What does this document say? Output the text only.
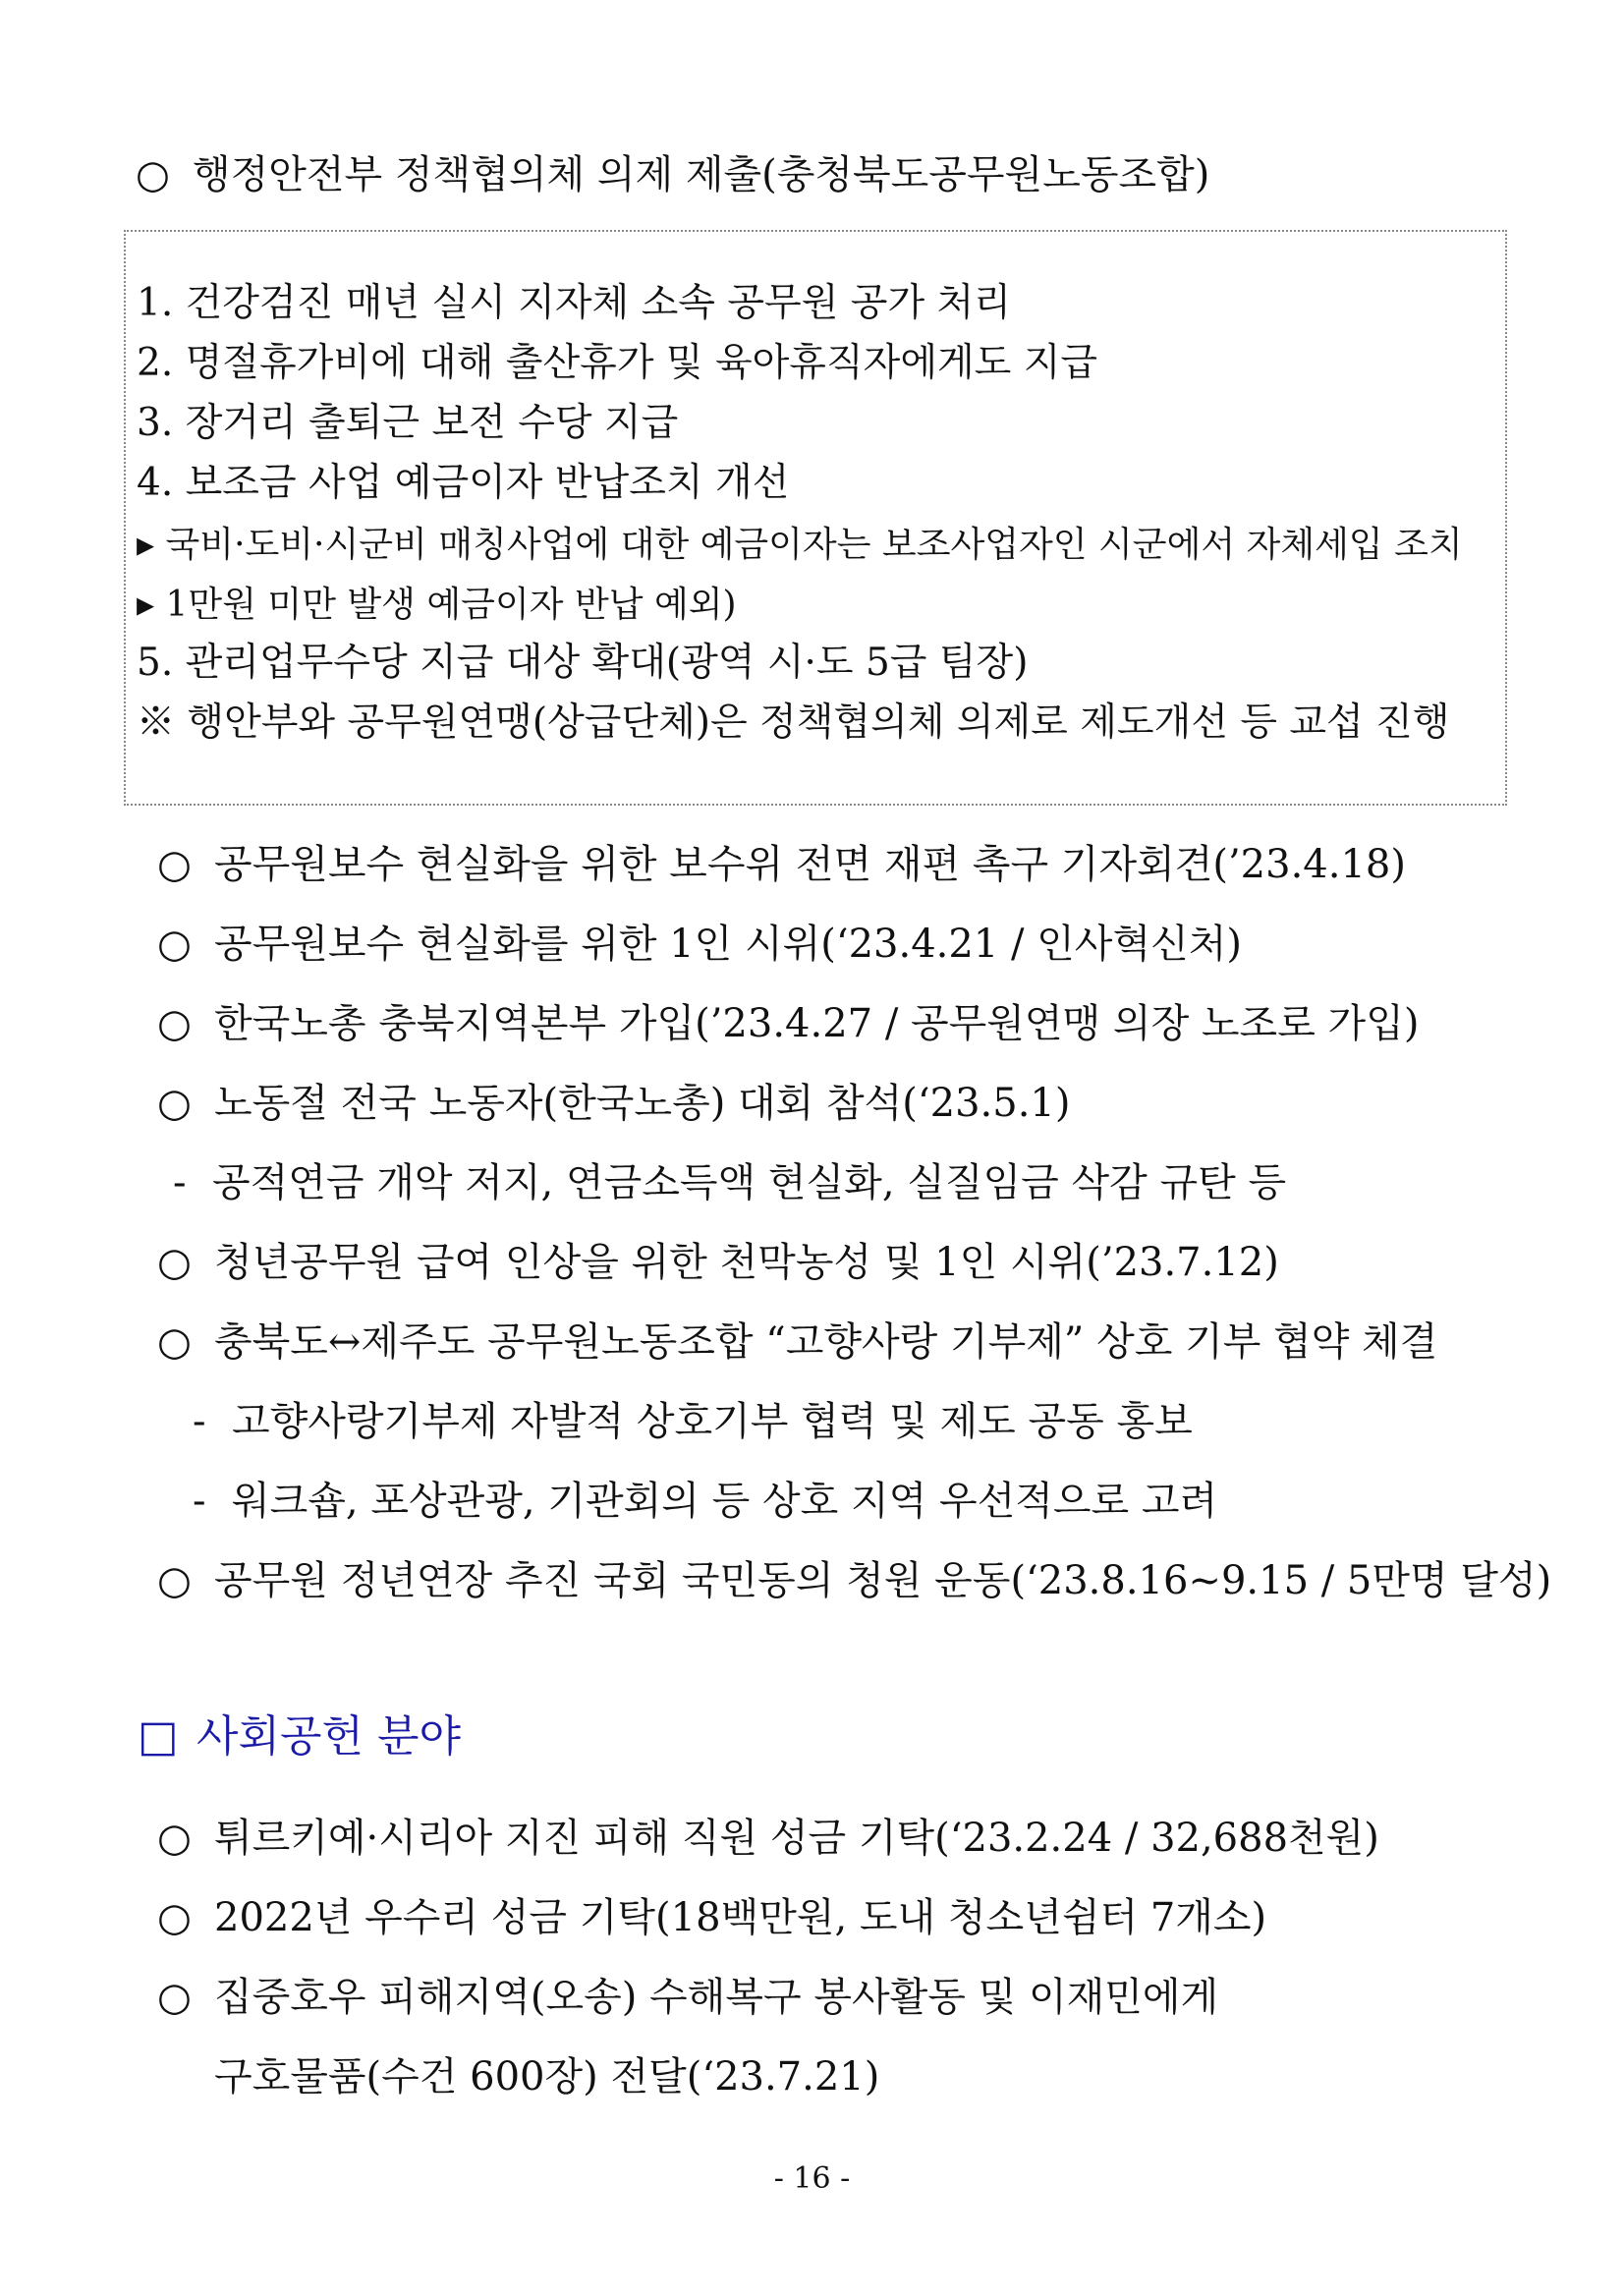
○ 행정안전부 정책협의체 의제 제출(충청북도공무원노동조합)
1. 건강검진 매년 실시 지자체 소속 공무원 공가 처리
2. 명절휴가비에 대해 출산휴가 및 육아휴직자에게도 지급
3. 장거리 출퇴근 보전 수당 지급
4. 보조금 사업 예금이자 반납조치 개선
▸ 국비·도비·시군비 매칭사업에 대한 예금이자는 보조사업자인 시군에서 자체세입 조치
▸ 1만원 미만 발생 예금이자 반납 예외)
5. 관리업무수당 지급 대상 확대(광역 시·도 5급 팀장)
※ 행안부와 공무원연맹(상급단체)은 정책협의체 의제로 제도개선 등 교섭 진행
○ 공무원보수 현실화을 위한 보수위 전면 재편 촉구 기자회견(’23.4.18)
○ 공무원보수 현실화를 위한 1인 시위(‘23.4.21 / 인사혁신처)
○ 한국노총 충북지역본부 가입(’23.4.27 / 공무원연맹 의장 노조로 가입)
○ 노동절 전국 노동자(한국노총) 대회 참석(‘23.5.1)
- 공적연금 개악 저지, 연금소득액 현실화, 실질임금 삭감 규탄 등
○ 청년공무원 급여 인상을 위한 천막농성 및 1인 시위(’23.7.12)
○ 충북도↔제주도 공무원노동조합 “고향사랑 기부제” 상호 기부 협약 체결
- 고향사랑기부제 자발적 상호기부 협력 및 제도 공동 홍보
- 워크숍, 포상관광, 기관회의 등 상호 지역 우선적으로 고려
○ 공무원 정년연장 추진 국회 국민동의 청원 운동(‘23.8.16~9.15 / 5만명 달성)
□ 사회공헌 분야
○ 튀르키예·시리아 지진 피해 직원 성금 기탁(‘23.2.24 / 32,688천원)
○ 2022년 우수리 성금 기탁(18백만원, 도내 청소년쉼터 7개소)
○ 집중호우 피해지역(오송) 수해복구 봉사활동 및 이재민에게
구호물품(수건 600장) 전달(‘23.7.21)
- 16 -
